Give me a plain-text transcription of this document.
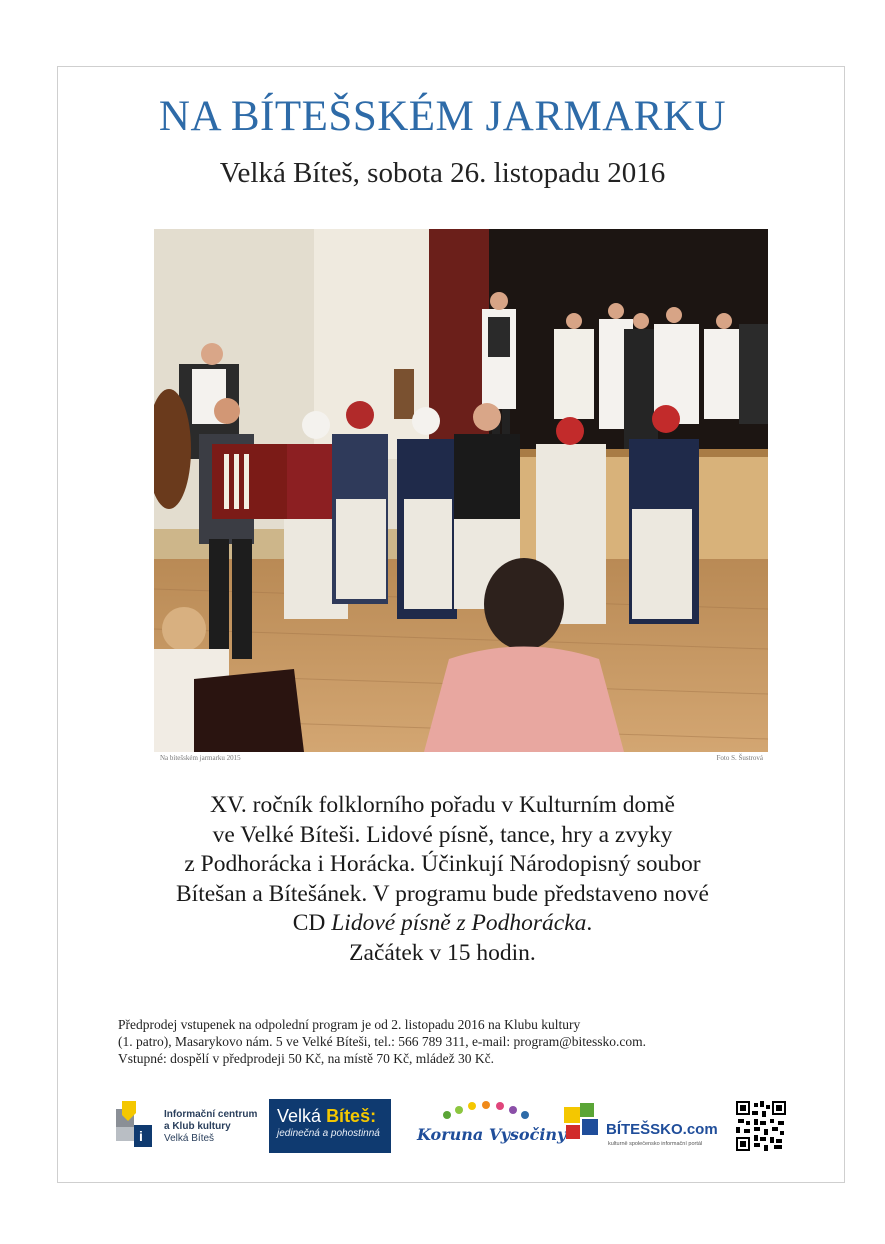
NA BÍTEŠSKÉM JARMARKU
Velká Bíteš, sobota 26. listopadu 2016
Na bítešském jarmarku 2015	Foto S. Šustrová

XV. ročník folklorního pořadu v Kulturním domě

ve Velké Bíteši. Lidové písně, tance, hry a zvyky

z Podhorácka i Horácka. Účinkují Národopisný soubor

Bítešan a Bítešánek. V programu bude představeno nové

CD Lidové písně z Podhorácka.

Začátek v 15 hodin.

Předprodej vstupenek na odpolední program je od 2. listopadu 2016 na Klubu kultury

(1. patro), Masarykovo nám. 5 ve Velké Bíteši, tel.: 566 789 311, e-mail: program@bitessko.com.

Vstupné: dospělí v předprodeji 50 Kč, na místě 70 Kč, mládež 30 Kč.

i
Informační centrum
a Klub kultury
Velká Bíteš
Velká Bíteš:
jedinečná a pohostinná	Koruna Vysočiny	BÍTEŠSKO.com
kulturně společensko informační portál
